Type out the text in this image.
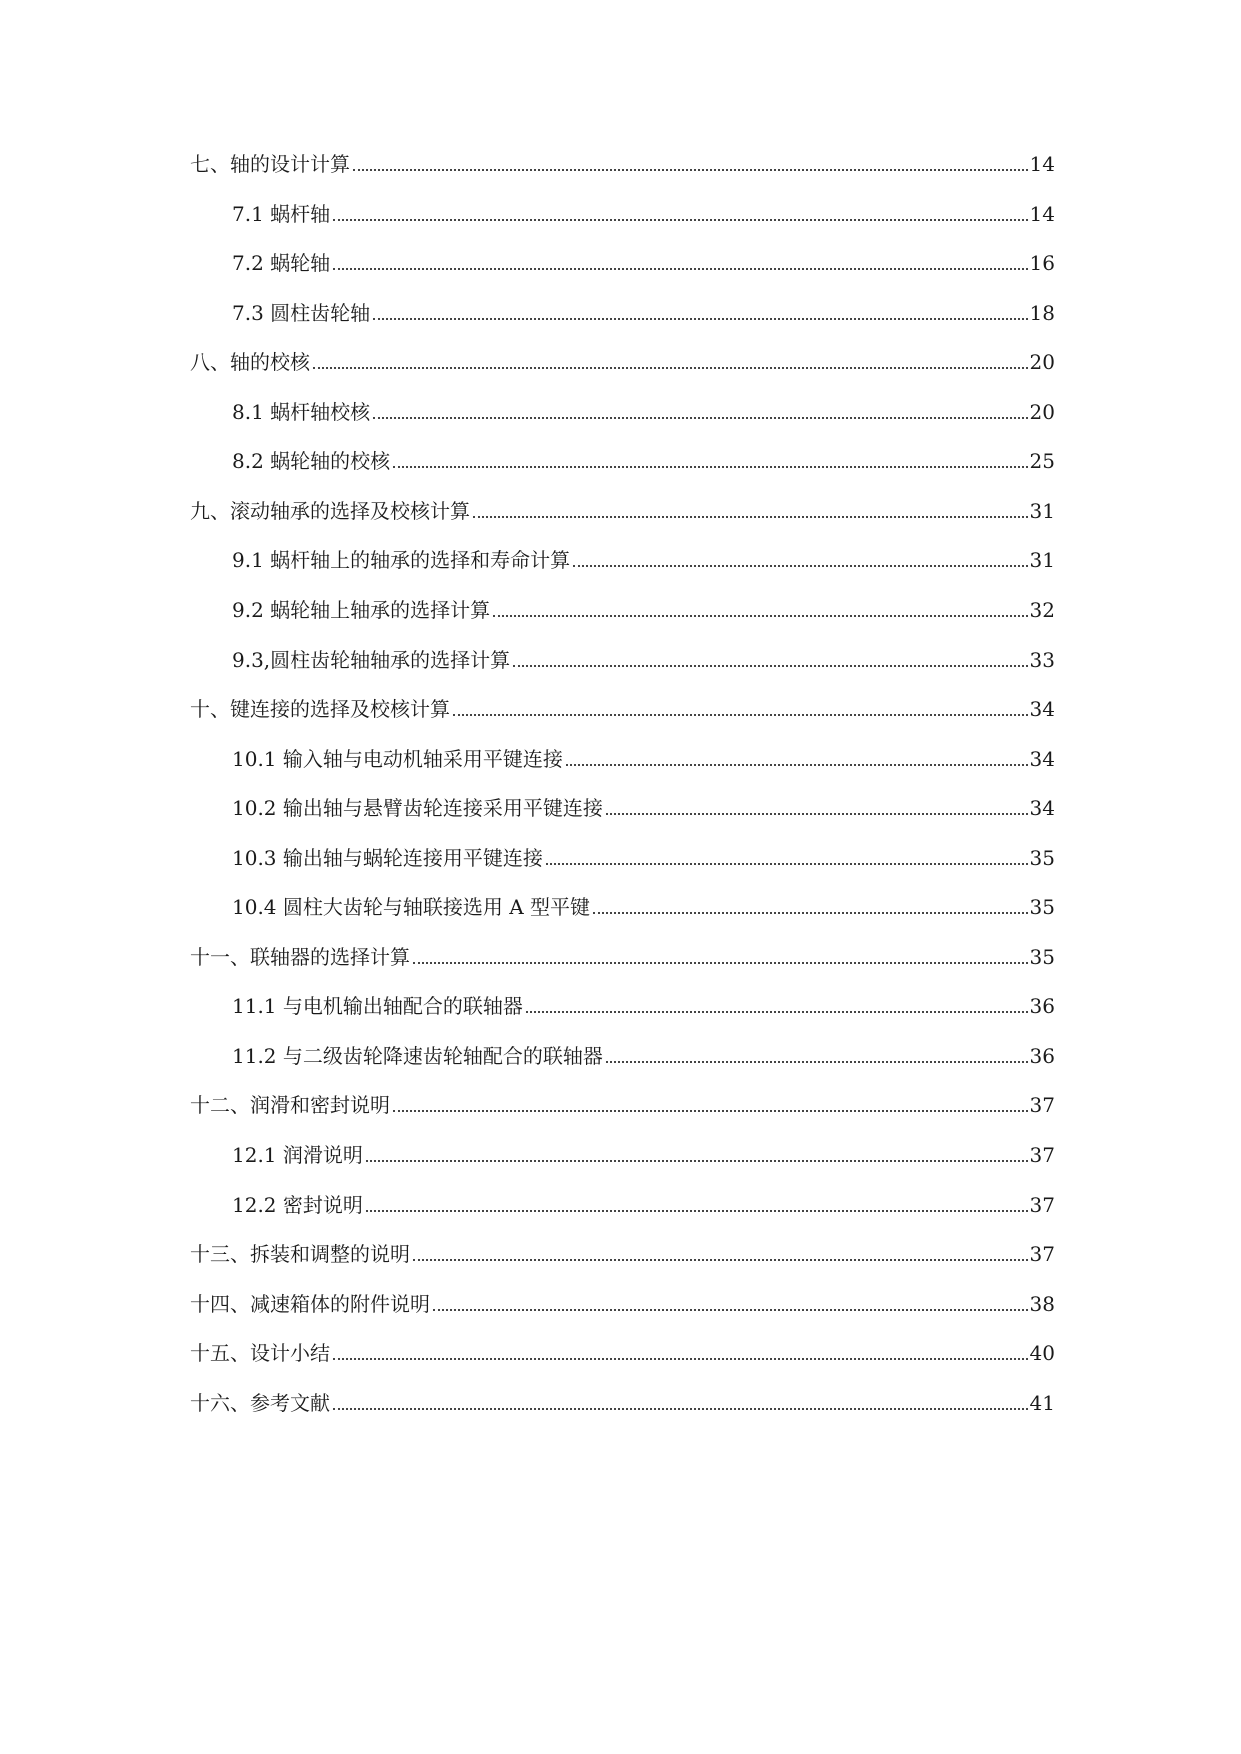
七、轴的设计计算	14
7.1 蜗杆轴	14
7.2 蜗轮轴	16
7.3 圆柱齿轮轴	18
八、轴的校核	20
8.1 蜗杆轴校核	20
8.2 蜗轮轴的校核	25
九、滚动轴承的选择及校核计算	31
9.1 蜗杆轴上的轴承的选择和寿命计算	31
9.2 蜗轮轴上轴承的选择计算	32
9.3,圆柱齿轮轴轴承的选择计算	33
十、键连接的选择及校核计算	34
10.1 输入轴与电动机轴采用平键连接	34
10.2 输出轴与悬臂齿轮连接采用平键连接	34
10.3 输出轴与蜗轮连接用平键连接	35
10.4 圆柱大齿轮与轴联接选用 A 型平键	35
十一、联轴器的选择计算	35
11.1 与电机输出轴配合的联轴器	36
11.2 与二级齿轮降速齿轮轴配合的联轴器	36
十二、润滑和密封说明	37
12.1 润滑说明	37
12.2 密封说明	37
十三、拆装和调整的说明	37
十四、减速箱体的附件说明	38
十五、设计小结	40
十六、参考文献	41
